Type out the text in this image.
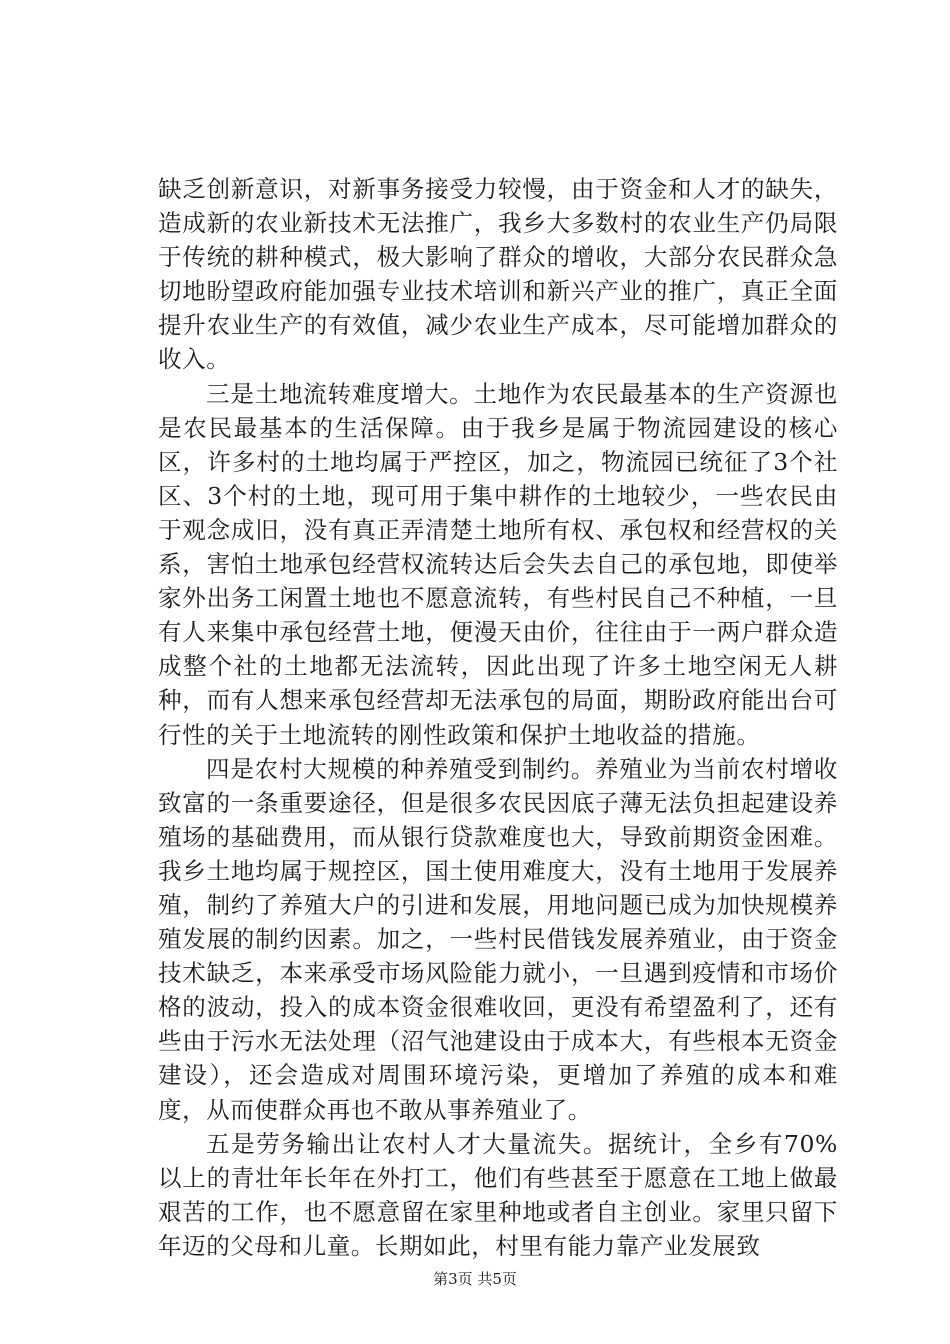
缺乏创新意识，对新事务接受力较慢，由于资金和人才的缺失，造成新的农业新技术无法推广，我乡大多数村的农业生产仍局限于传统的耕种模式，极大影响了群众的增收，大部分农民群众急切地盼望政府能加强专业技术培训和新兴产业的推广，真正全面提升农业生产的有效值，减少农业生产成本，尽可能增加群众的收入。

三是土地流转难度增大。土地作为农民最基本的生产资源也是农民最基本的生活保障。由于我乡是属于物流园建设的核心区，许多村的土地均属于严控区，加之，物流园已统征了3个社区、3个村的土地，现可用于集中耕作的土地较少，一些农民由于观念成旧，没有真正弄清楚土地所有权、承包权和经营权的关系，害怕土地承包经营权流转达后会失去自己的承包地，即使举家外出务工闲置土地也不愿意流转，有些村民自己不种植，一旦有人来集中承包经营土地，便漫天由价，往往由于一两户群众造成整个社的土地都无法流转，因此出现了许多土地空闲无人耕种，而有人想来承包经营却无法承包的局面，期盼政府能出台可行性的关于土地流转的刚性政策和保护土地收益的措施。

四是农村大规模的种养殖受到制约。养殖业为当前农村增收致富的一条重要途径，但是很多农民因底子薄无法负担起建设养殖场的基础费用，而从银行贷款难度也大，导致前期资金困难。我乡土地均属于规控区，国土使用难度大，没有土地用于发展养殖，制约了养殖大户的引进和发展，用地问题已成为加快规模养殖发展的制约因素。加之，一些村民借钱发展养殖业，由于资金技术缺乏，本来承受市场风险能力就小，一旦遇到疫情和市场价格的波动，投入的成本资金很难收回，更没有希望盈利了，还有些由于污水无法处理（沼气池建设由于成本大，有些根本无资金建设），还会造成对周围环境污染，更增加了养殖的成本和难度，从而使群众再也不敢从事养殖业了。

五是劳务输出让农村人才大量流失。据统计，全乡有70%以上的青壮年长年在外打工，他们有些甚至于愿意在工地上做最艰苦的工作，也不愿意留在家里种地或者自主创业。家里只留下年迈的父母和儿童。长期如此，村里有能力靠产业发展致

第3页 共5页
